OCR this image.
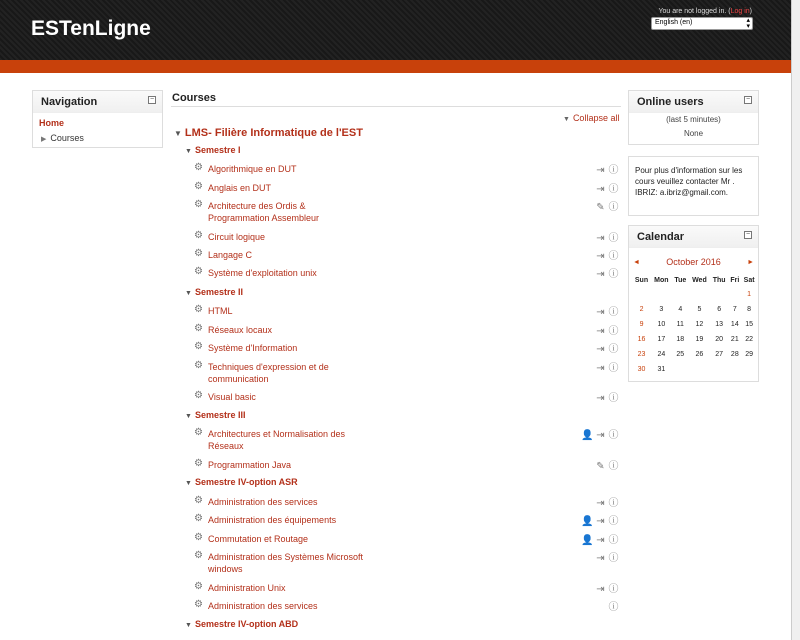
ESTenLigne
You are not logged in. (Log in)
English (en)	▴
▾
Navigation	−
Home
▶ Courses
Courses
▼ Collapse all
▼ LMS- Filière Informatique de l'EST
▼ Semestre I
⚙ Algorithmique en DUT	⇥ ⓘ
⚙ Anglais en DUT	⇥ ⓘ
⚙ Architecture des Ordis & Programmation Assembleur
✎ ⓘ
⚙ Circuit logique	⇥ ⓘ
⚙ Langage C	⇥ ⓘ
⚙ Système d'exploitation unix	⇥ ⓘ
▼ Semestre II
⚙ HTML	⇥ ⓘ
⚙ Réseaux locaux	⇥ ⓘ
⚙ Système d'Information	⇥ ⓘ
⚙ Techniques d'expression et de communication
⇥ ⓘ
⚙ Visual basic	⇥ ⓘ
▼ Semestre III
⚙ Architectures et Normalisation des Réseaux
👤 ⇥ ⓘ
⚙ Programmation Java	✎ ⓘ
▼ Semestre IV-option ASR
⚙ Administration des services	⇥ ⓘ
⚙ Administration des équipements	👤 ⇥ ⓘ
⚙ Commutation et Routage	👤 ⇥ ⓘ
⚙ Administration des Systèmes Microsoft windows
⇥ ⓘ
⚙ Administration Unix	⇥ ⓘ
⚙ Administration des services	ⓘ
▼ Semestre IV-option ABD
Online users	−
(last 5 minutes)
None
Pour plus d'information sur les cours veuillez contacter Mr . IBRIZ: a.ibriz@gmail.com.
Calendar	−
◄	October 2016	►
Sun	Mon	Tue	Wed	Thu	Fri	Sat
						1
2	3	4	5	6	7	8
9	10	11	12	13	14	15
16	17	18	19	20	21	22
23	24	25	26	27	28	29
30	31					
